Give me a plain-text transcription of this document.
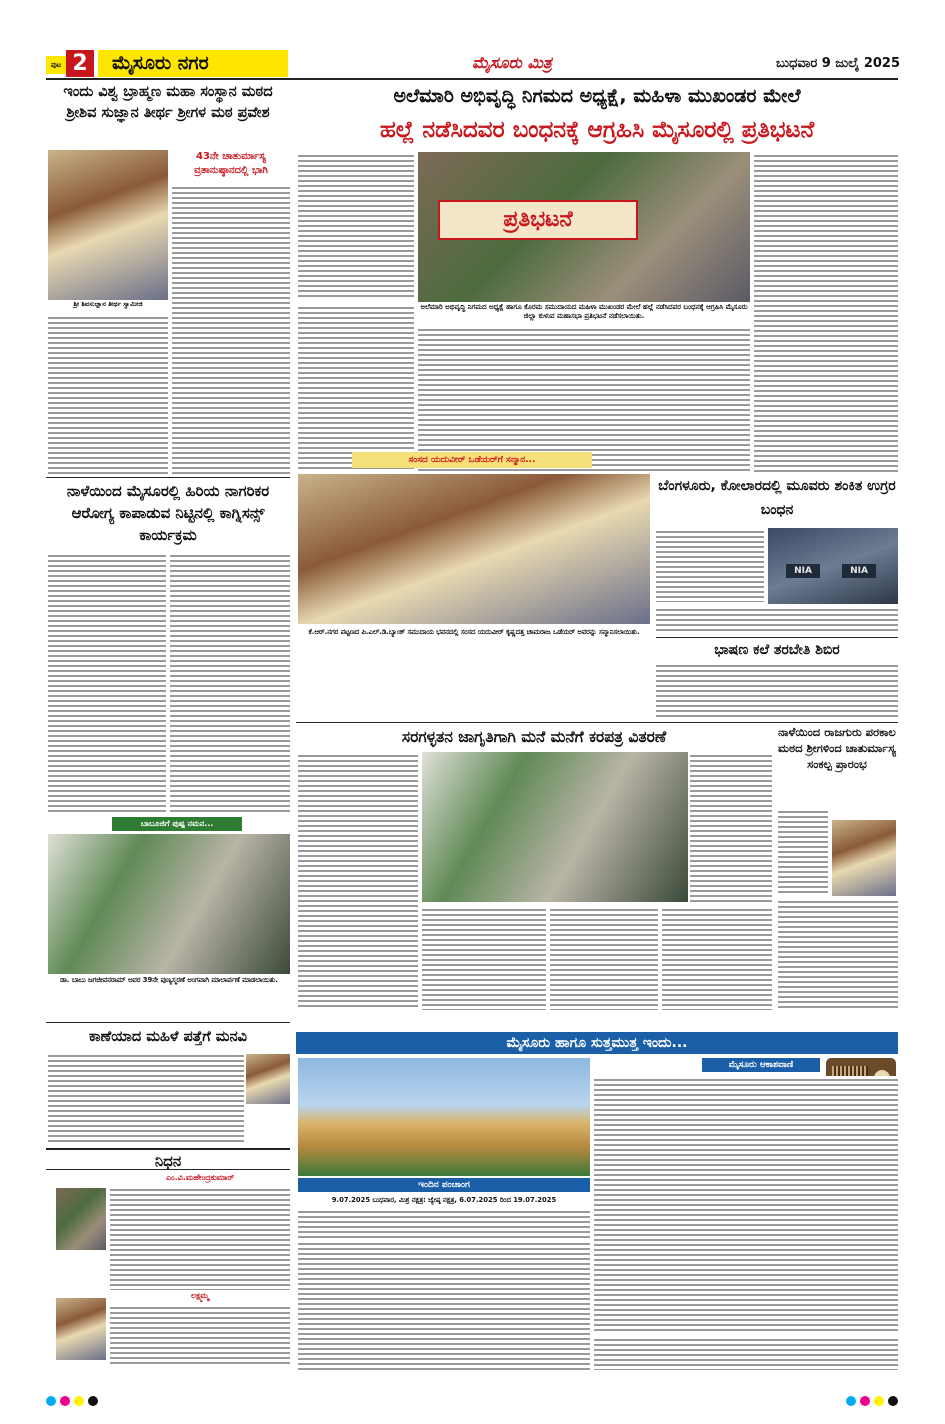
ಪುಟ 2	ಮೈಸೂರು ನಗರ	ಮೈಸೂರು ಮಿತ್ರ	ಬುಧವಾರ 9 ಜುಲೈ 2025
ಅಲೆಮಾರಿ ಅಭಿವೃದ್ಧಿ ನಿಗಮದ ಅಧ್ಯಕ್ಷೆ, ಮಹಿಳಾ ಮುಖಂಡರ ಮೇಲೆ
ಹಲ್ಲೆ ನಡೆಸಿದವರ ಬಂಧನಕ್ಕೆ ಆಗ್ರಹಿಸಿ ಮೈಸೂರಲ್ಲಿ ಪ್ರತಿಭಟನೆ
ಪ್ರತಿಭಟನೆ
ಅಲೆಮಾರಿ ಅಭಿವೃದ್ಧಿ ನಿಗಮದ ಅಧ್ಯಕ್ಷೆ ಹಾಗೂ ಕೊರಮ ಸಮುದಾಯದ ಮಹಿಳಾ ಮುಖಂಡರ ಮೇಲೆ ಹಲ್ಲೆ ನಡೆಸಿದವರ ಬಂಧನಕ್ಕೆ ಆಗ್ರಹಿಸಿ ಮೈಸೂರು ಜಿಲ್ಲಾ ಕುಳುವ ಮಹಾಸಭಾ ಪ್ರತಿಭಟನೆ ನಡೆಸಲಾಯಿತು.
ಇಂದು ವಿಶ್ವ ಬ್ರಾಹ್ಮಣ ಮಹಾ ಸಂಸ್ಥಾನ ಮಠದ ಶ್ರೀಶಿವ ಸುಜ್ಞಾನ ತೀರ್ಥ ಶ್ರೀಗಳ ಮಠ ಪ್ರವೇಶ
ಶ್ರೀ ಶಿವಸುಜ್ಞಾನ ತೀರ್ಥ ಸ್ವಾಮೀಜಿ
43ನೇ ಚಾತುರ್ಮಾಸ್ಯ ವ್ರತಾನುಷ್ಠಾನದಲ್ಲಿ ಭಾಗಿ
ನಾಳೆಯಿಂದ ಮೈಸೂರಲ್ಲಿ ಹಿರಿಯ ನಾಗರಿಕರ ಆರೋಗ್ಯ ಕಾಪಾಡುವ ನಿಟ್ಟಿನಲ್ಲಿ ಕಾಗ್ನಿಸನ್ಸ್ ಕಾರ್ಯಕ್ರಮ
ಬಾಬೂಜಿಗೆ ಪುಷ್ಪ ನಮನ...
ಡಾ. ಬಾಬು ಜಗಜೀವನರಾಮ್ ಅವರ 39ನೇ ಪುಣ್ಯಸ್ಮರಣೆ ಅಂಗವಾಗಿ ಮಾಲಾರ್ಪಣೆ ಮಾಡಲಾಯಿತು.
ಕಾಣೆಯಾದ ಮಹಿಳೆ ಪತ್ತೆಗೆ ಮನವಿ
ನಿಧನ
ಎಂ.ವಿ.ಮಹೇಂದ್ರಕುಮಾರ್
ಲಕ್ಷ್ಮಮ್ಮ
ಸಂಸದ ಯದುವೀರ್ ಒಡೆಯರ್‌ಗೆ ಸನ್ಮಾನ...
ಕೆ.ಆರ್.ನಗರ ಪಟ್ಟಣದ ಪಿ.ಎಲ್.ಡಿ.ಬ್ಯಾಂಕ್ ಸಮುದಾಯ ಭವನದಲ್ಲಿ ಸಂಸದ ಯದುವೀರ್ ಕೃಷ್ಣದತ್ತ ಚಾಮರಾಜ ಒಡೆಯರ್ ಅವರನ್ನು ಸನ್ಮಾನಿಸಲಾಯಿತು.
ಬೆಂಗಳೂರು, ಕೋಲಾರದಲ್ಲಿ ಮೂವರು ಶಂಕಿತ ಉಗ್ರರ ಬಂಧನ
NIA	NIA
ಭಾಷಣ ಕಲೆ ತರಬೇತಿ ಶಿಬಿರ
ಸರಗಳ್ಳತನ ಜಾಗೃತಿಗಾಗಿ ಮನೆ ಮನೆಗೆ ಕರಪತ್ರ ವಿತರಣೆ	ನಾಳೆಯಿಂದ ರಾಜಗುರು ಪರಕಾಲ ಮಠದ ಶ್ರೀಗಳಿಂದ ಚಾತುರ್ಮಾಸ್ಯ ಸಂಕಲ್ಪ ಪ್ರಾರಂಭ
ಮೈಸೂರು ಹಾಗೂ ಸುತ್ತಮುತ್ತ ಇಂದು...
ಇಂದಿನ ಪಂಚಾಂಗ
9.07.2025 ಬುಧವಾರ, ಮಿಶ್ರ ನಕ್ಷತ್ರ: ಜ್ಯೇಷ್ಠ ನಕ್ಷತ್ರ, 6.07.2025 ರಿಂದ 19.07.2025
ಮೈಸೂರು ಆಕಾಶವಾಣಿ
